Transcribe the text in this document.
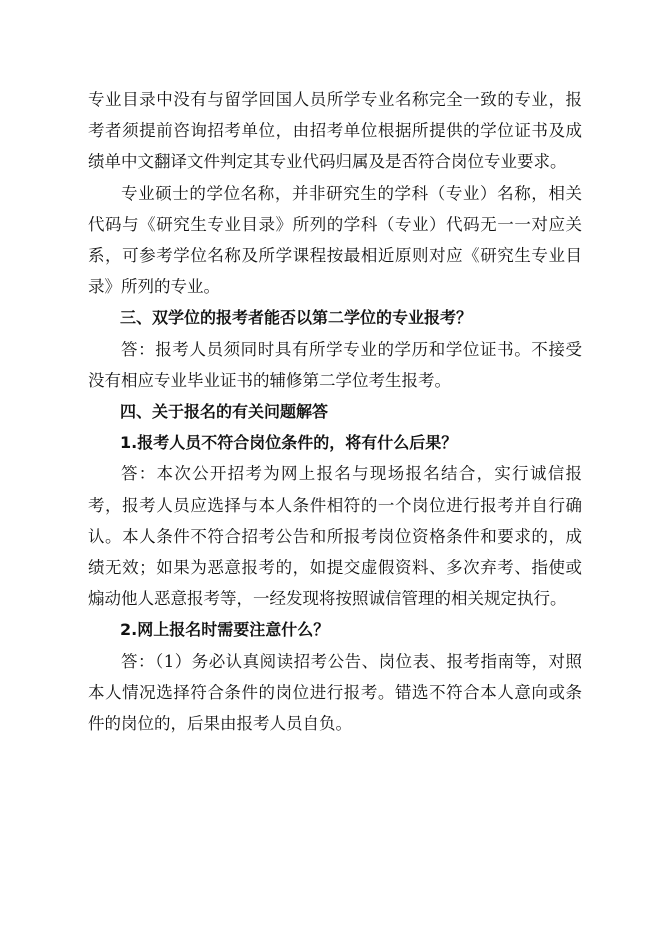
专业目录中没有与留学回国人员所学专业名称完全一致的专业，报考者须提前咨询招考单位，由招考单位根据所提供的学位证书及成绩单中文翻译文件判定其专业代码归属及是否符合岗位专业要求。

专业硕士的学位名称，并非研究生的学科（专业）名称，相关代码与《研究生专业目录》所列的学科（专业）代码无一一对应关系，可参考学位名称及所学课程按最相近原则对应《研究生专业目录》所列的专业。

三、双学位的报考者能否以第二学位的专业报考？

答：报考人员须同时具有所学专业的学历和学位证书。不接受没有相应专业毕业证书的辅修第二学位考生报考。

四、关于报名的有关问题解答

1.报考人员不符合岗位条件的，将有什么后果？

答：本次公开招考为网上报名与现场报名结合，实行诚信报考，报考人员应选择与本人条件相符的一个岗位进行报考并自行确认。本人条件不符合招考公告和所报考岗位资格条件和要求的，成绩无效；如果为恶意报考的，如提交虚假资料、多次弃考、指使或煽动他人恶意报考等，一经发现将按照诚信管理的相关规定执行。

2.网上报名时需要注意什么？

答：（1）务必认真阅读招考公告、岗位表、报考指南等，对照本人情况选择符合条件的岗位进行报考。错选不符合本人意向或条件的岗位的，后果由报考人员自负。
